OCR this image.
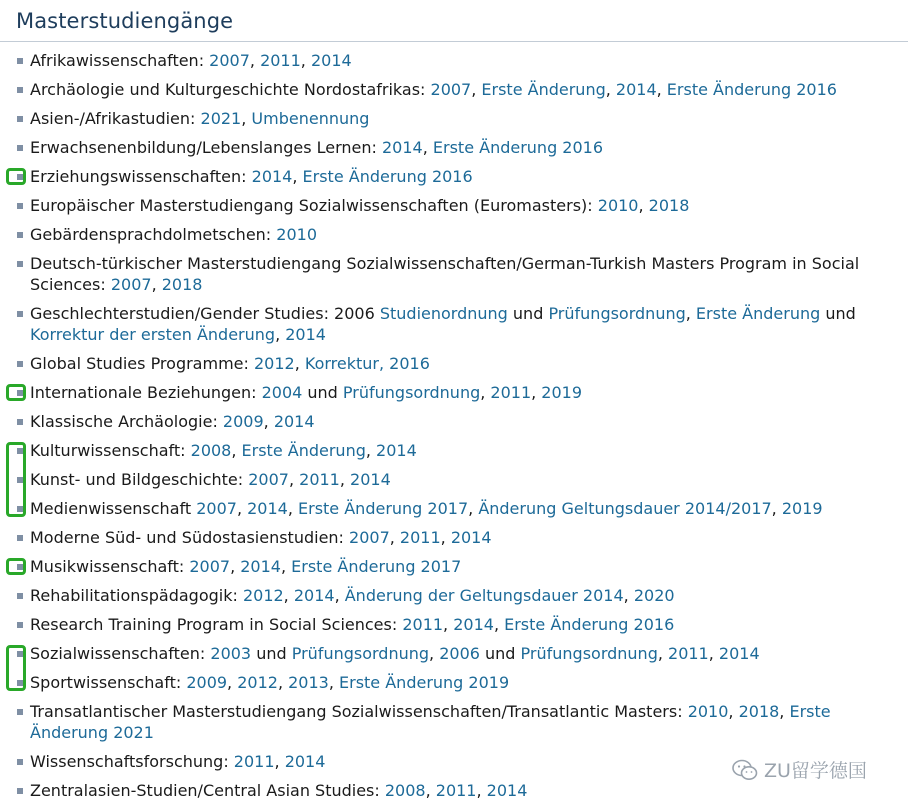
Masterstudiengänge
Afrikawissenschaften: 2007, 2011, 2014
Archäologie und Kulturgeschichte Nordostafrikas: 2007, Erste Änderung, 2014, Erste Änderung 2016
Asien-/Afrikastudien: 2021, Umbenennung
Erwachsenenbildung/Lebenslanges Lernen: 2014, Erste Änderung 2016
Erziehungswissenschaften: 2014, Erste Änderung 2016
Europäischer Masterstudiengang Sozialwissenschaften (Euromasters): 2010, 2018
Gebärdensprachdolmetschen: 2010
Deutsch-türkischer Masterstudiengang Sozialwissenschaften/German-Turkish Masters Program in Social Sciences: 2007, 2018
Geschlechterstudien/Gender Studies: 2006 Studienordnung und Prüfungsordnung, Erste Änderung und Korrektur der ersten Änderung, 2014
Global Studies Programme: 2012, Korrektur, 2016
Internationale Beziehungen: 2004 und Prüfungsordnung, 2011, 2019
Klassische Archäologie: 2009, 2014
Kulturwissenschaft: 2008, Erste Änderung, 2014
Kunst- und Bildgeschichte: 2007, 2011, 2014
Medienwissenschaft 2007, 2014, Erste Änderung 2017, Änderung Geltungsdauer 2014/2017, 2019
Moderne Süd- und Südostasienstudien: 2007, 2011, 2014
Musikwissenschaft: 2007, 2014, Erste Änderung 2017
Rehabilitationspädagogik: 2012, 2014, Änderung der Geltungsdauer 2014, 2020
Research Training Program in Social Sciences: 2011, 2014, Erste Änderung 2016
Sozialwissenschaften: 2003 und Prüfungsordnung, 2006 und Prüfungsordnung, 2011, 2014
Sportwissenschaft: 2009, 2012, 2013, Erste Änderung 2019
Transatlantischer Masterstudiengang Sozialwissenschaften/Transatlantic Masters: 2010, 2018, Erste Änderung 2021
Wissenschaftsforschung: 2011, 2014
Zentralasien-Studien/Central Asian Studies: 2008, 2011, 2014
ZU留学德国
